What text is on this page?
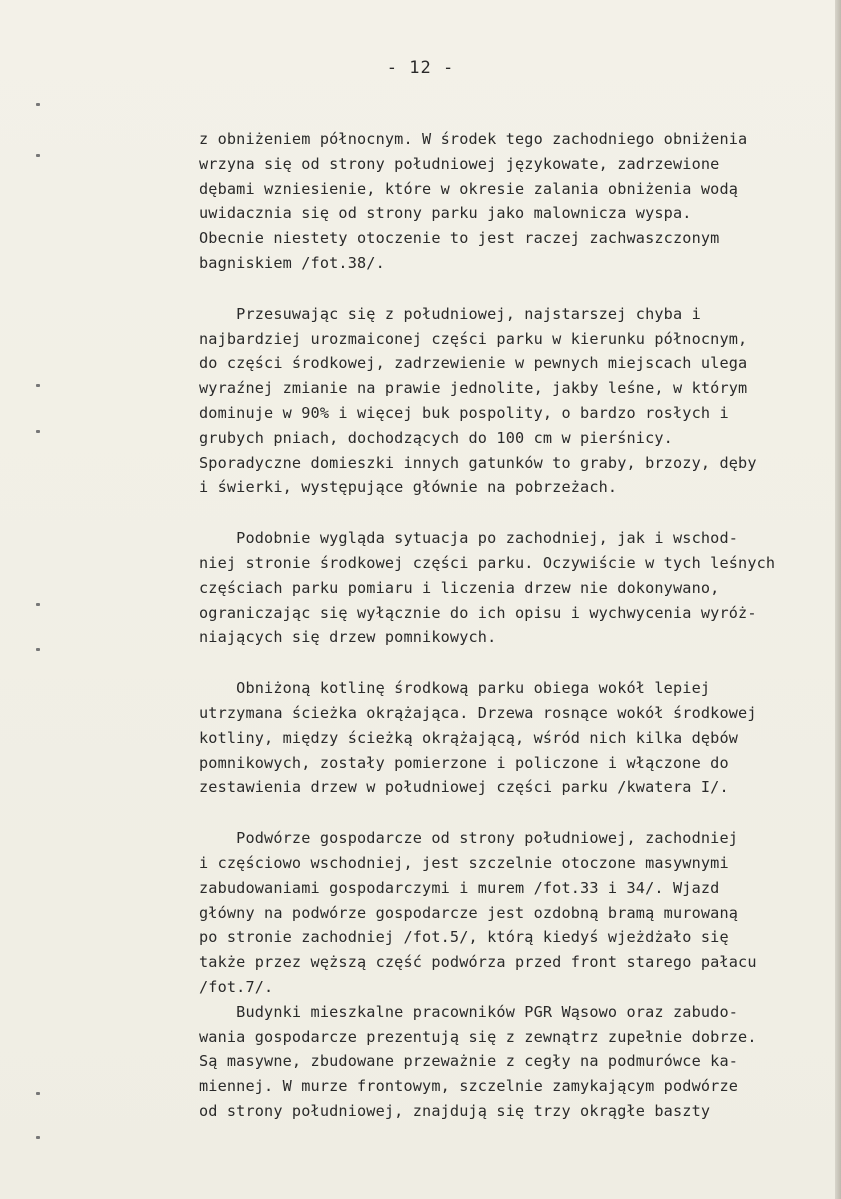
- 12 -
z obniżeniem północnym. W środek tego zachodniego obniżenia
wrzyna się od strony południowej językowate, zadrzewione
dębami wzniesienie, które w okresie zalania obniżenia wodą
uwidacznia się od strony parku jako malownicza wyspa.
Obecnie niestety otoczenie to jest raczej zachwaszczonym
bagniskiem /fot.38/.
Przesuwając się z południowej, najstarszej chyba i
najbardziej urozmaiconej części parku w kierunku północnym,
do części środkowej, zadrzewienie w pewnych miejscach ulega
wyraźnej zmianie na prawie jednolite, jakby leśne, w którym
dominuje w 90% i więcej buk pospolity, o bardzo rosłych i
grubych pniach, dochodzących do 100 cm w pierśnicy.
Sporadyczne domieszki innych gatunków to graby, brzozy, dęby
i świerki, występujące głównie na pobrzeżach.
Podobnie wygląda sytuacja po zachodniej, jak i wschod-
niej stronie środkowej części parku. Oczywiście w tych leśnych
częściach parku pomiaru i liczenia drzew nie dokonywano,
ograniczając się wyłącznie do ich opisu i wychwycenia wyróż-
niających się drzew pomnikowych.
Obniżoną kotlinę środkową parku obiega wokół lepiej
utrzymana ścieżka okrążająca. Drzewa rosnące wokół środkowej
kotliny, między ścieżką okrążającą, wśród nich kilka dębów
pomnikowych, zostały pomierzone i policzone i włączone do
zestawienia drzew w południowej części parku /kwatera I/.
Podwórze gospodarcze od strony południowej, zachodniej
i częściowo wschodniej, jest szczelnie otoczone masywnymi
zabudowaniami gospodarczymi i murem /fot.33 i 34/. Wjazd
główny na podwórze gospodarcze jest ozdobną bramą murowaną
po stronie zachodniej /fot.5/, którą kiedyś wjeżdżało się
także przez węższą część podwórza przed front starego pałacu
/fot.7/.
Budynki mieszkalne pracowników PGR Wąsowo oraz zabudo-
wania gospodarcze prezentują się z zewnątrz zupełnie dobrze.
Są masywne, zbudowane przeważnie z cegły na podmurówce ka-
miennej. W murze frontowym, szczelnie zamykającym podwórze
od strony południowej, znajdują się trzy okrągłe baszty
